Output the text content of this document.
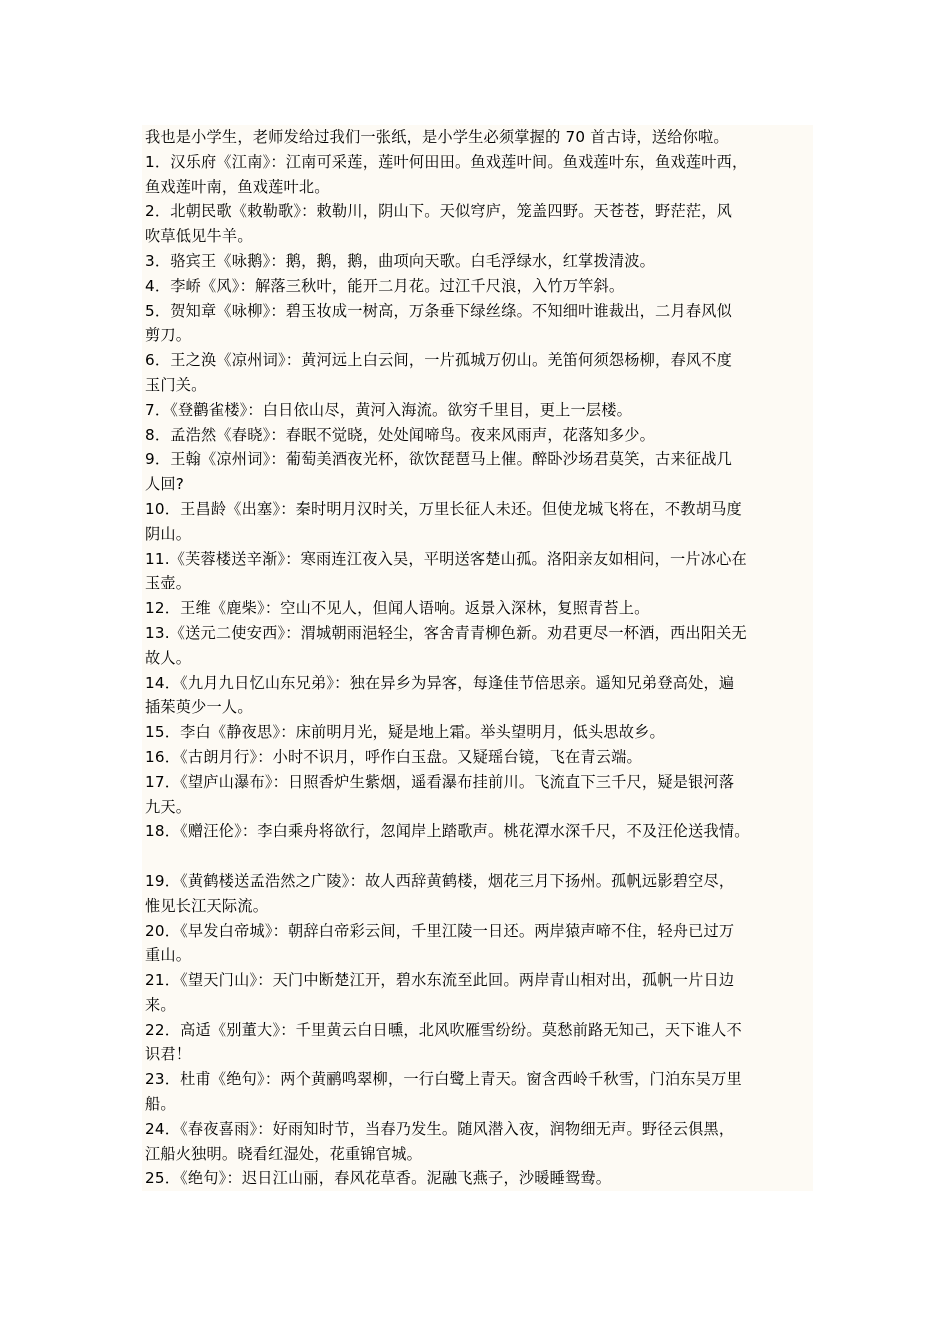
我也是小学生，老师发给过我们一张纸，是小学生必须掌握的 70 首古诗，送给你啦。
1．汉乐府《江南》：江南可采莲，莲叶何田田。鱼戏莲叶间。鱼戏莲叶东，鱼戏莲叶西，
鱼戏莲叶南，鱼戏莲叶北。
2．北朝民歌《敕勒歌》：敕勒川，阴山下。天似穹庐，笼盖四野。天苍苍，野茫茫，风
吹草低见牛羊。
3．骆宾王《咏鹅》：鹅，鹅，鹅，曲项向天歌。白毛浮绿水，红掌拨清波。
4．李峤《风》：解落三秋叶，能开二月花。过江千尺浪，入竹万竿斜。
5．贺知章《咏柳》：碧玉妆成一树高，万条垂下绿丝绦。不知细叶谁裁出，二月春风似
剪刀。
6．王之涣《凉州词》：黄河远上白云间，一片孤城万仞山。羌笛何须怨杨柳，春风不度
玉门关。
7．《登鹳雀楼》：白日依山尽，黄河入海流。欲穷千里目，更上一层楼。
8．孟浩然《春晓》：春眠不觉晓，处处闻啼鸟。夜来风雨声，花落知多少。
9．王翰《凉州词》：葡萄美酒夜光杯，欲饮琵琶马上催。醉卧沙场君莫笑，古来征战几
人回?
10．王昌龄《出塞》：秦时明月汉时关，万里长征人未还。但使龙城飞将在，不教胡马度
阴山。
11.《芙蓉楼送辛渐》：寒雨连江夜入吴，平明送客楚山孤。洛阳亲友如相问，一片冰心在
玉壶。
12．王维《鹿柴》：空山不见人，但闻人语响。返景入深林，复照青苔上。
13.《送元二使安西》：渭城朝雨浥轻尘，客舍青青柳色新。劝君更尽一杯酒，西出阳关无
故人。
14．《九月九日忆山东兄弟》：独在异乡为异客，每逢佳节倍思亲。遥知兄弟登高处，遍
插茱萸少一人。
15．李白《静夜思》：床前明月光，疑是地上霜。举头望明月，低头思故乡。
16．《古朗月行》：小时不识月，呼作白玉盘。又疑瑶台镜，飞在青云端。
17．《望庐山瀑布》：日照香炉生紫烟，遥看瀑布挂前川。飞流直下三千尺，疑是银河落
九天。
18．《赠汪伦》：李白乘舟将欲行，忽闻岸上踏歌声。桃花潭水深千尺，不及汪伦送我情。
19．《黄鹤楼送孟浩然之广陵》：故人西辞黄鹤楼，烟花三月下扬州。孤帆远影碧空尽，
惟见长江天际流。
20．《早发白帝城》：朝辞白帝彩云间，千里江陵一日还。两岸猿声啼不住，轻舟已过万
重山。
21．《望天门山》：天门中断楚江开，碧水东流至此回。两岸青山相对出，孤帆一片日边
来。
22．高适《别董大》：千里黄云白日曛，北风吹雁雪纷纷。莫愁前路无知己，天下谁人不
识君！
23．杜甫《绝句》：两个黄鹂鸣翠柳，一行白鹭上青天。窗含西岭千秋雪，门泊东吴万里
船。
24．《春夜喜雨》：好雨知时节，当春乃发生。随风潜入夜，润物细无声。野径云俱黑，
江船火独明。晓看红湿处，花重锦官城。
25．《绝句》：迟日江山丽，春风花草香。泥融飞燕子，沙暖睡鸳鸯。
